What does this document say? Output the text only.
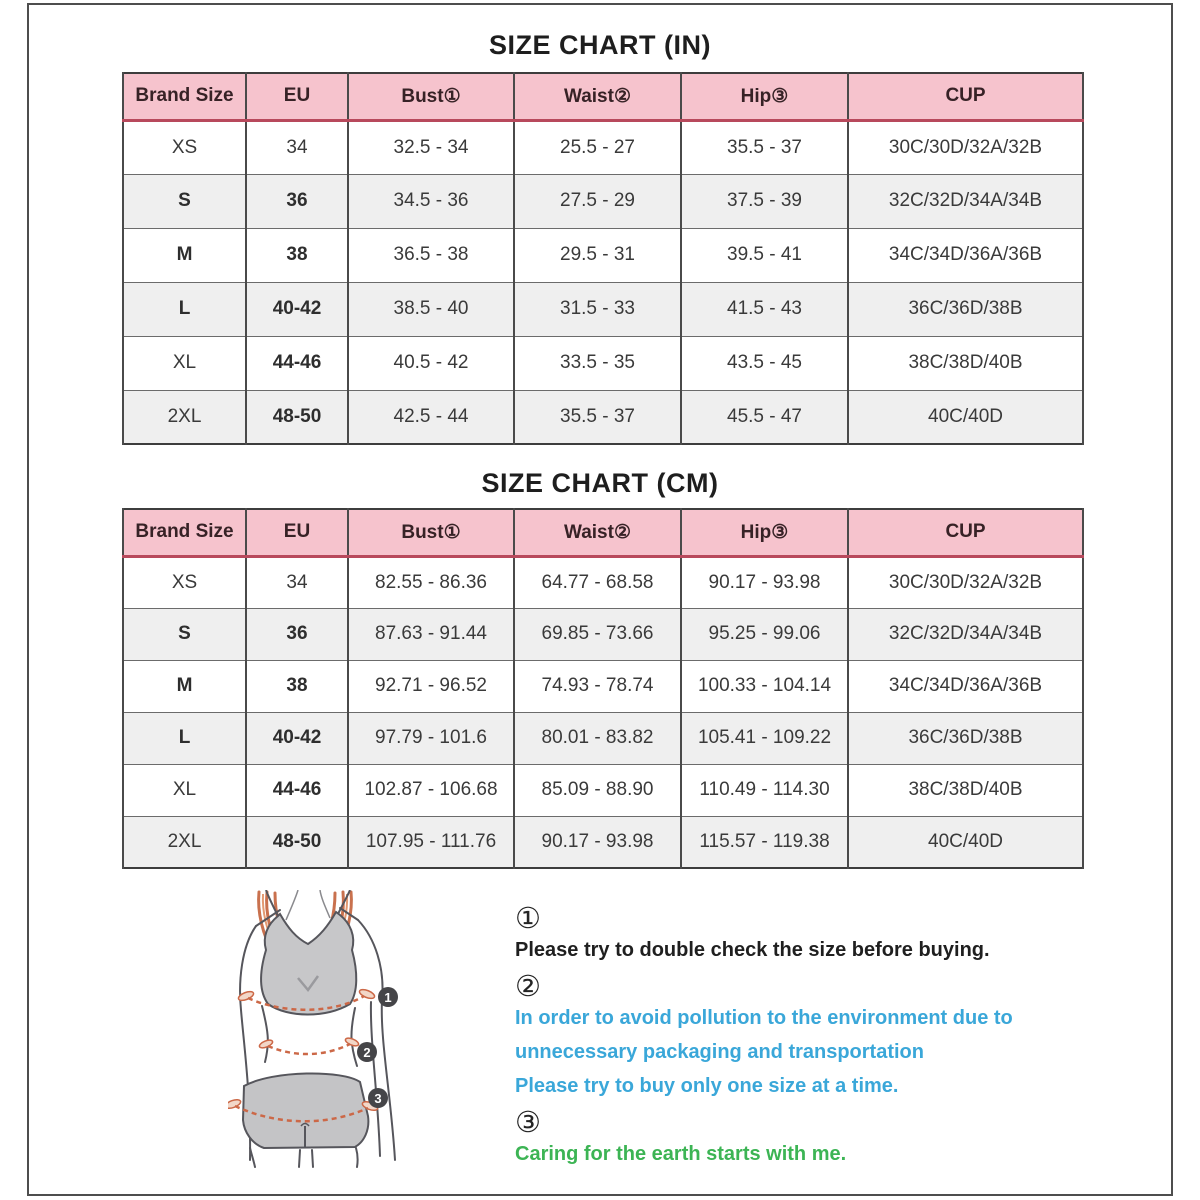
SIZE CHART (IN)
Brand Size	EU	Bust①	Waist②	Hip③	CUP
XS	34	32.5 - 34	25.5 - 27	35.5 - 37	30C/30D/32A/32B
S	36	34.5 - 36	27.5 - 29	37.5 - 39	32C/32D/34A/34B
M	38	36.5 - 38	29.5 - 31	39.5 - 41	34C/34D/36A/36B
L	40-42	38.5 - 40	31.5 - 33	41.5 - 43	36C/36D/38B
XL	44-46	40.5 - 42	33.5 - 35	43.5 - 45	38C/38D/40B
2XL	48-50	42.5 - 44	35.5 - 37	45.5 - 47	40C/40D
SIZE CHART (CM)
Brand Size	EU	Bust①	Waist②	Hip③	CUP
XS	34	82.55 - 86.36	64.77 - 68.58	90.17 - 93.98	30C/30D/32A/32B
S	36	87.63 - 91.44	69.85 - 73.66	95.25 - 99.06	32C/32D/34A/34B
M	38	92.71 - 96.52	74.93 - 78.74	100.33 - 104.14	34C/34D/36A/36B
L	40-42	97.79 - 101.6	80.01 - 83.82	105.41 - 109.22	36C/36D/38B
XL	44-46	102.87 - 106.68	85.09 - 88.90	110.49 - 114.30	38C/38D/40B
2XL	48-50	107.95 - 111.76	90.17 - 93.98	115.57 - 119.38	40C/40D
1
2
3
①
Please try to double check the size before buying.
②
In order to avoid pollution to the environment due to
unnecessary packaging and transportation
Please try to buy only one size at a time.
③
Caring for the earth starts with me.
